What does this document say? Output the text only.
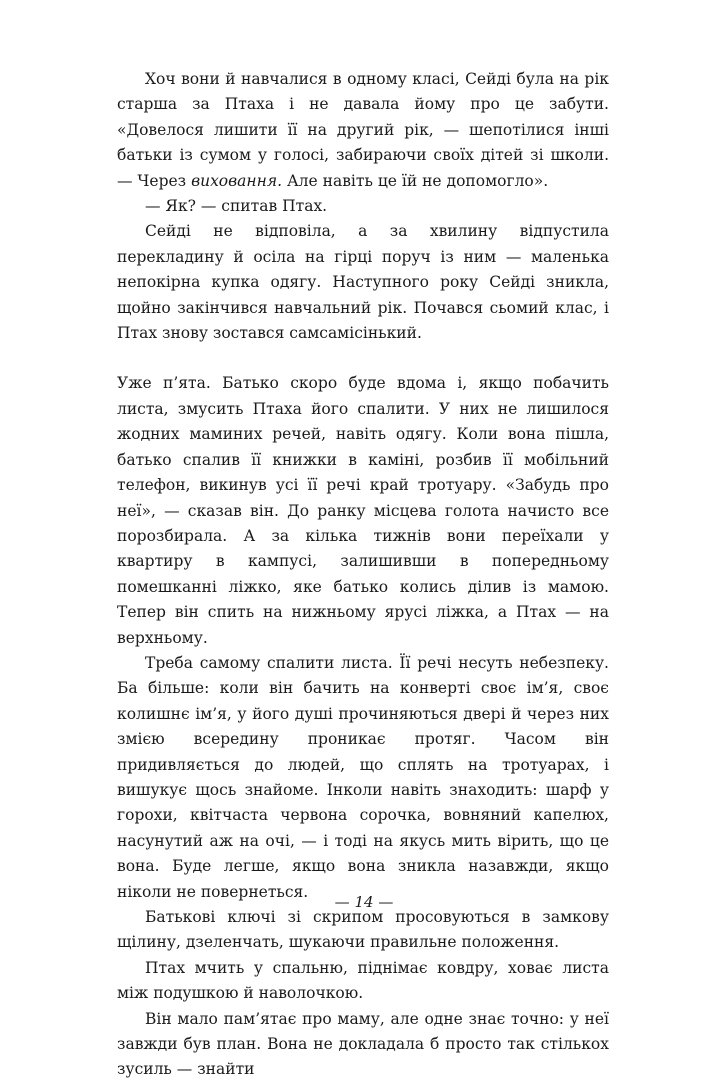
Хоч вони й навчалися в одному класі, Сейді була на рік старша за Птаха і не давала йому про це забути. «Довелося лишити її на другий рік, — шепотілися інші батьки із сумом у голосі, забираючи своїх дітей зі школи. — Через виховання. Але навіть це їй не допомогло».

— Як? — спитав Птах.

Сейді не відповіла, а за хвилину відпустила перекладину й осіла на гірці поруч із ним — маленька непокірна купка одягу. Наступного року Сейді зникла, щойно закінчився навчальний рік. Почався сьомий клас, і Птах знову зостався самсамісінький.

Уже п’ята. Батько скоро буде вдома і, якщо побачить листа, змусить Птаха його спалити. У них не лишилося жодних маминих речей, навіть одягу. Коли вона пішла, батько спалив її книжки в каміні, розбив її мобільний телефон, викинув усі її речі край тротуару. «Забудь про неї», — сказав він. До ранку місцева голота начисто все порозбирала. А за кілька тижнів вони переїхали у квартиру в кампусі, залишивши в попередньому помешканні ліжко, яке батько колись ділив із мамою. Тепер він спить на нижньому ярусі ліжка, а Птах — на верхньому.

Треба самому спалити листа. Її речі несуть небезпеку. Ба більше: коли він бачить на конверті своє ім’я, своє колишнє ім’я, у його душі прочиняються двері й через них змією всередину проникає протяг. Часом він придивляється до людей, що сплять на тротуарах, і вишукує щось знайоме. Інколи навіть знаходить: шарф у горохи, квітчаста червона сорочка, вовняний капелюх, насунутий аж на очі, — і тоді на якусь мить вірить, що це вона. Буде легше, якщо вона зникла назавжди, якщо ніколи не повернеться.

Батькові ключі зі скрипом просовуються в замкову щілину, дзеленчать, шукаючи правильне положення.

Птах мчить у спальню, піднімає ковдру, ховає листа між подушкою й наволочкою.

Він мало пам’ятає про маму, але одне знає точно: у неї завжди був план. Вона не докладала б просто так стількох зусиль — знайти

— 14 —
